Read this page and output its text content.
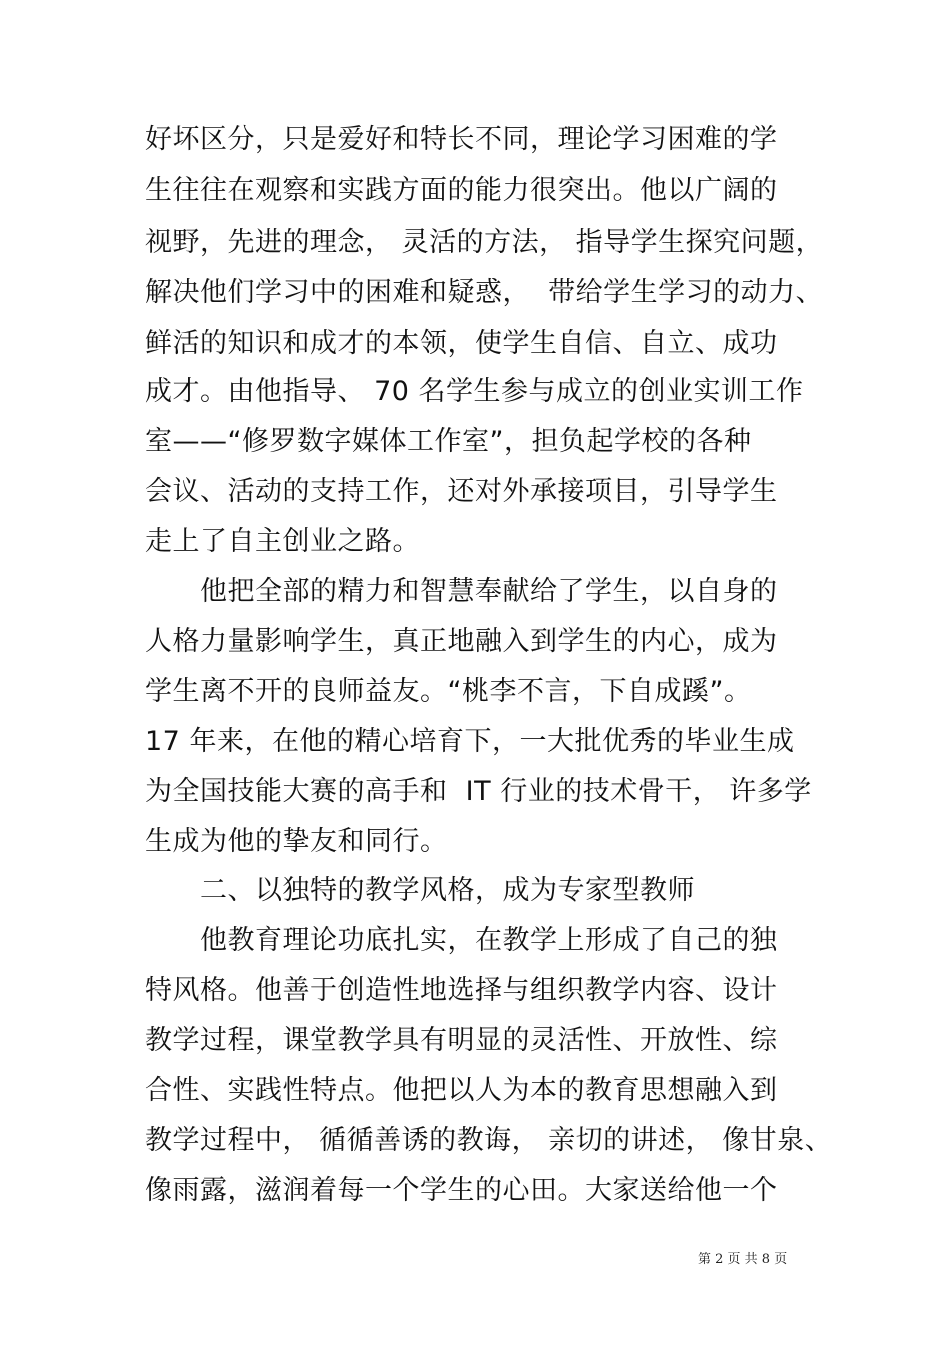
好坏区分，只是爱好和特长不同，理论学习困难的学
生往往在观察和实践方面的能力很突出。他以广阔的
视野，先进的理念， 灵活的方法， 指导学生探究问题，
解决他们学习中的困难和疑惑，  带给学生学习的动力、
鲜活的知识和成才的本领，使学生自信、自立、成功
成才。由他指导、 70 名学生参与成立的创业实训工作
室——“修罗数字媒体工作室”，担负起学校的各种
会议、活动的支持工作，还对外承接项目，引导学生
走上了自主创业之路。
　　他把全部的精力和智慧奉献给了学生，以自身的
人格力量影响学生，真正地融入到学生的内心，成为
学生离不开的良师益友。“桃李不言，下自成蹊”。
17 年来，在他的精心培育下，一大批优秀的毕业生成
为全国技能大赛的高手和  IT 行业的技术骨干， 许多学
生成为他的挚友和同行。
　　二、以独特的教学风格，成为专家型教师
　　他教育理论功底扎实，在教学上形成了自己的独
特风格。他善于创造性地选择与组织教学内容、设计
教学过程，课堂教学具有明显的灵活性、开放性、综
合性、实践性特点。他把以人为本的教育思想融入到
教学过程中， 循循善诱的教诲， 亲切的讲述， 像甘泉、
像雨露，滋润着每一个学生的心田。大家送给他一个
第 2 页 共 8 页
